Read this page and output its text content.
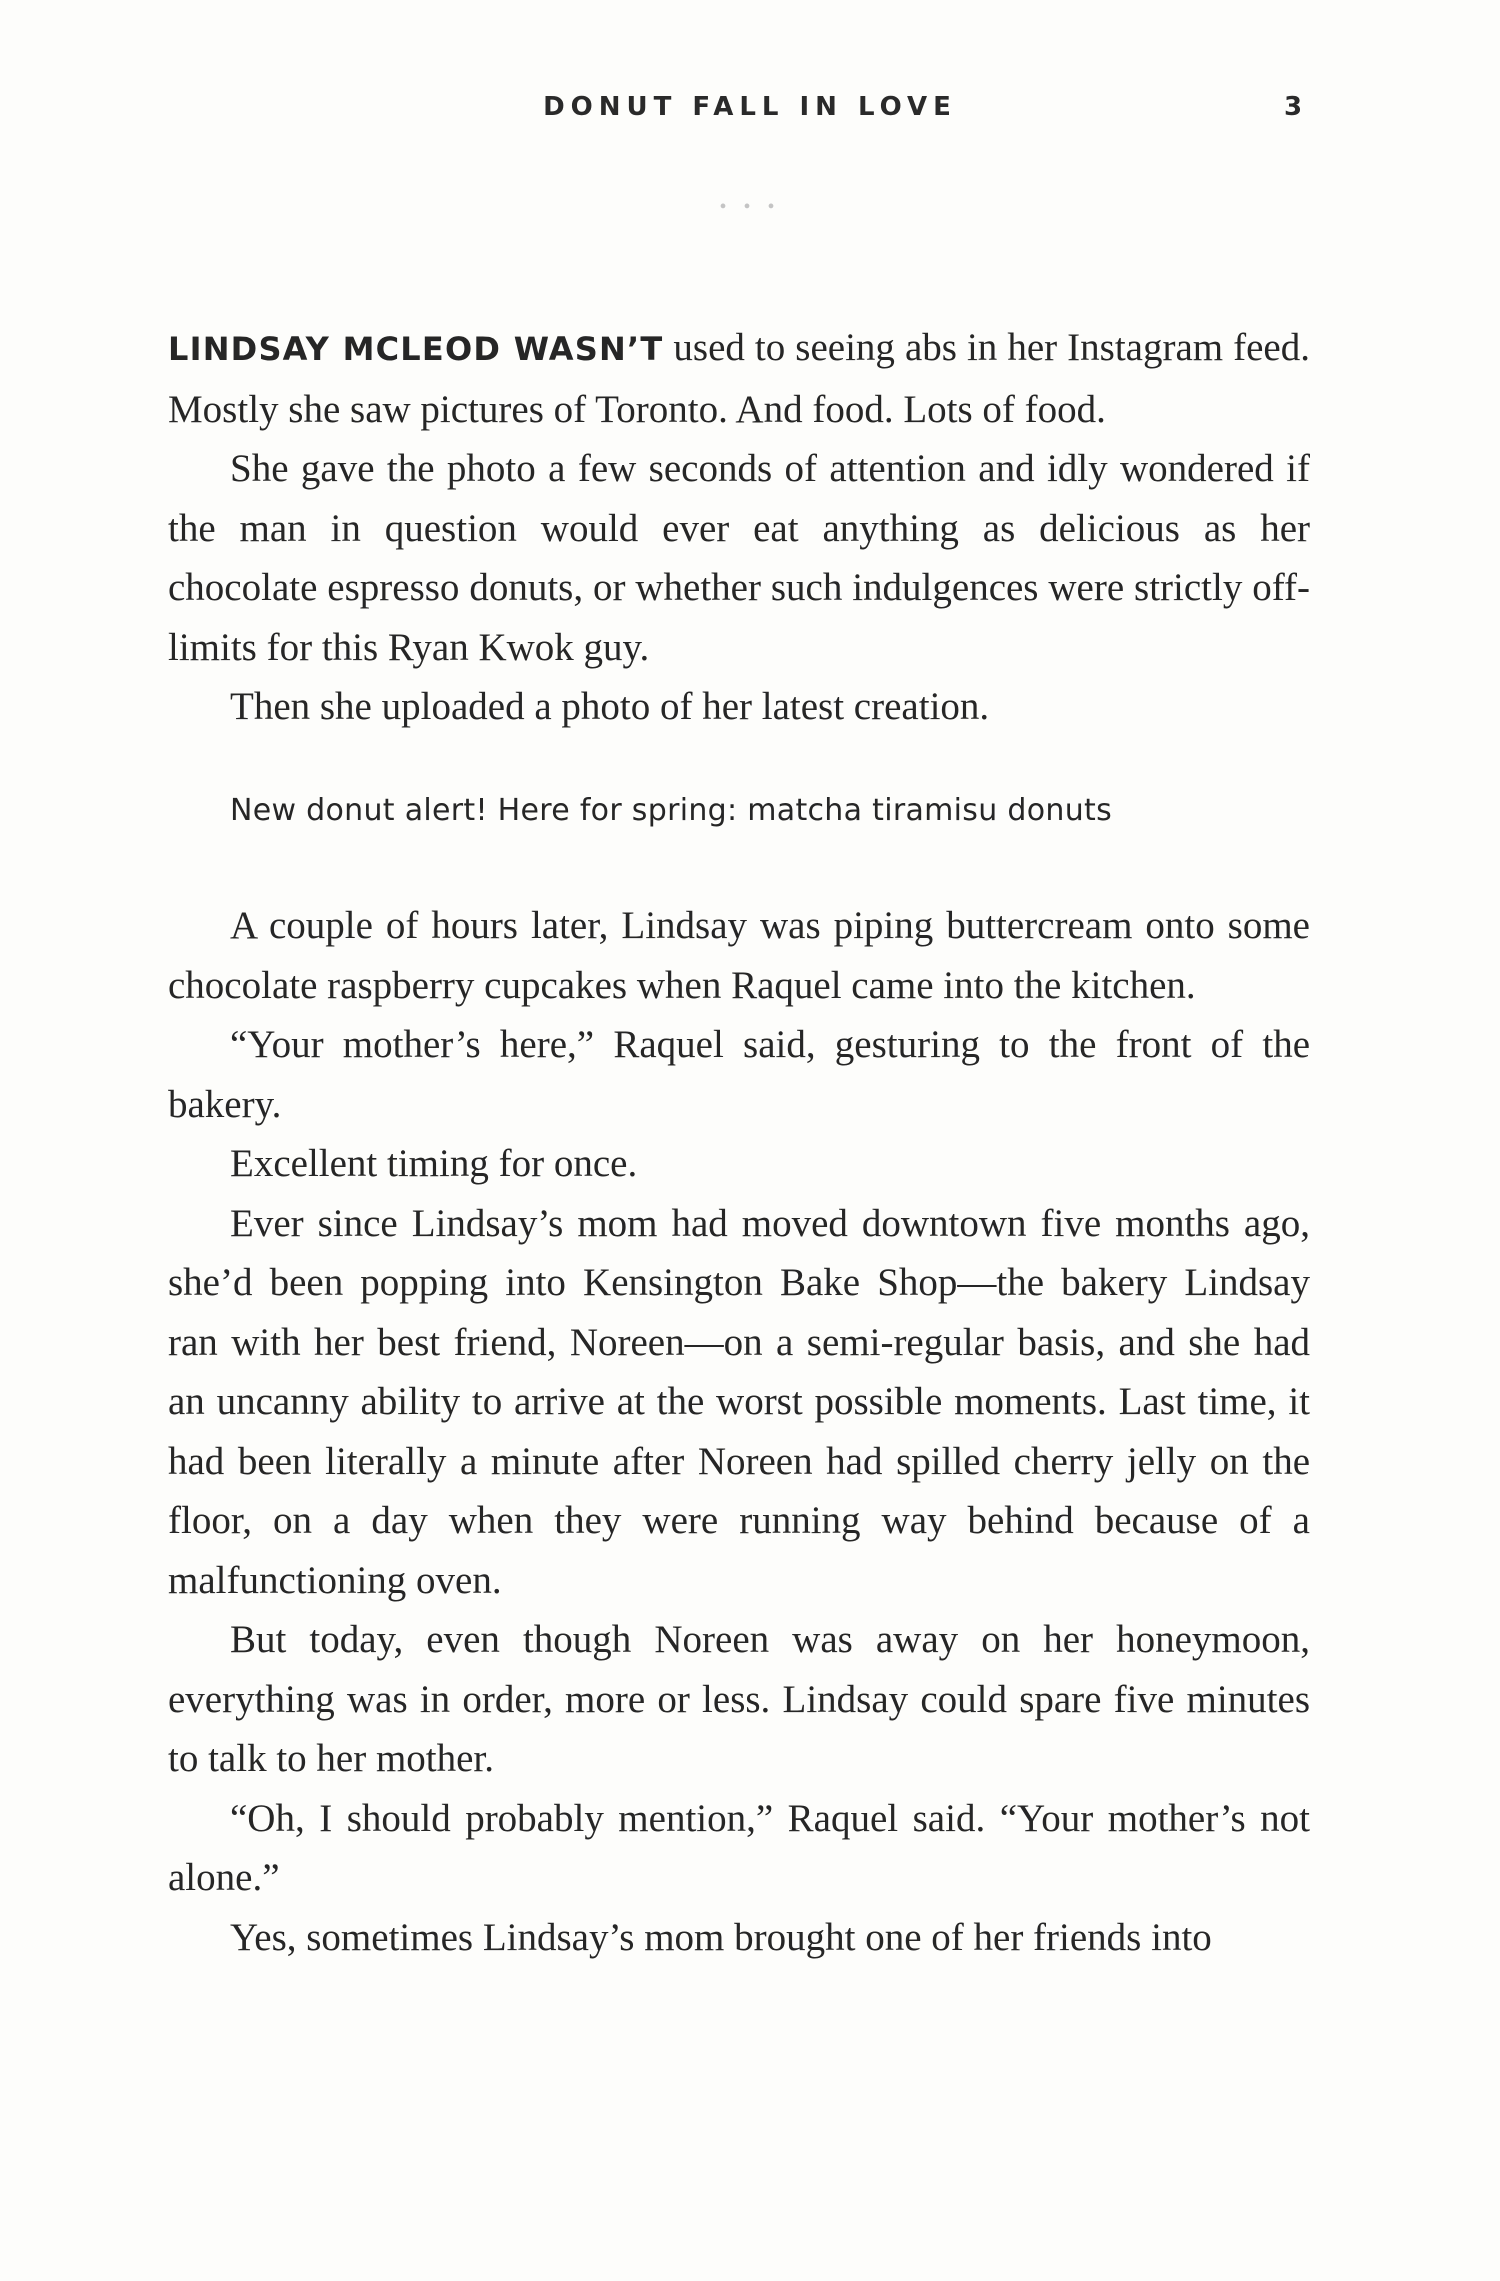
DONUT FALL IN LOVE	3
• • •

LINDSAY MCLEOD WASN’T used to seeing abs in her Instagram feed. Mostly she saw pictures of Toronto. And food. Lots of food.

She gave the photo a few seconds of attention and idly wondered if the man in question would ever eat anything as delicious as her chocolate espresso donuts, or whether such indulgences were strictly off-limits for this Ryan Kwok guy.

Then she uploaded a photo of her latest creation.

New donut alert! Here for spring: matcha tiramisu donuts

A couple of hours later, Lindsay was piping buttercream onto some chocolate raspberry cupcakes when Raquel came into the kitchen.

“Your mother’s here,” Raquel said, gesturing to the front of the bakery.

Excellent timing for once.

Ever since Lindsay’s mom had moved downtown five months ago, she’d been popping into Kensington Bake Shop—the bakery Lindsay ran with her best friend, Noreen—on a semi-regular basis, and she had an uncanny ability to arrive at the worst possible moments. Last time, it had been literally a minute after Noreen had spilled cherry jelly on the floor, on a day when they were running way behind because of a malfunctioning oven.

But today, even though Noreen was away on her honeymoon, everything was in order, more or less. Lindsay could spare five minutes to talk to her mother.

“Oh, I should probably mention,” Raquel said. “Your mother’s not alone.”

Yes, sometimes Lindsay’s mom brought one of her friends into
